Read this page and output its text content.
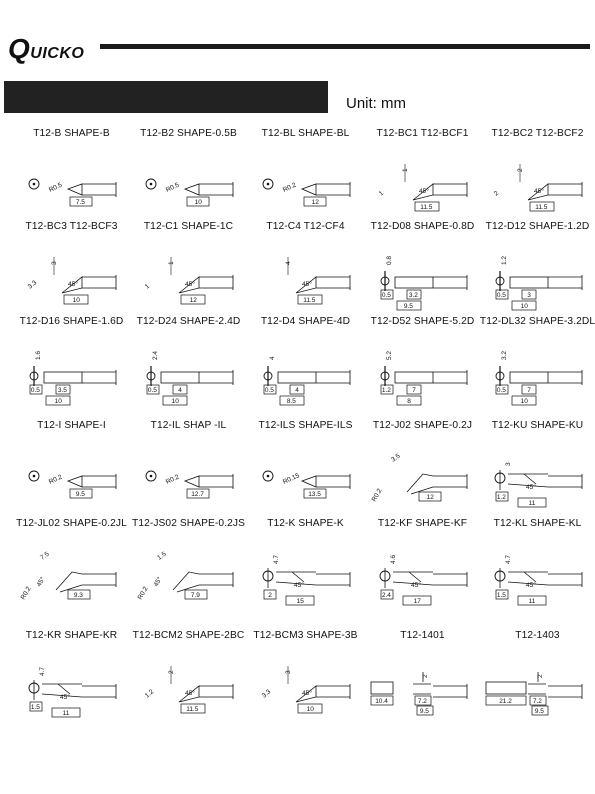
QUICKO
Unit: mm
T12-B SHAPE-B
R0.5
7.5
T12-B2 SHAPE-0.5B
R0.5
10
T12-BL SHAPE-BL
R0.2
12
T12-BC1 T12-BCF1
1
1	45°
11.5
T12-BC2 T12-BCF2
2
2	45°
11.5
T12-BC3 T12-BCF3
3
3.3	45°
10
T12-C1 SHAPE-1C
1
1	45°
12
T12-C4 T12-CF4
4
45°
11.5
T12-D08 SHAPE-0.8D
0.8
0.5	3.2
9.5
T12-D12 SHAPE-1.2D
1.2
0.5	3
10
T12-D16 SHAPE-1.6D
1.6
0.5	3.5
10
T12-D24 SHAPE-2.4D
2.4
0.5	4
10
T12-D4 SHAPE-4D
4
0.5	4
8.5
T12-D52 SHAPE-5.2D
5.2
1.2	7
8
T12-DL32 SHAPE-3.2DL
3.2
0.5	7
10
T12-I SHAPE-I
R0.2
9.5
T12-IL SHAP -IL
R0.2
12.7
T12-ILS SHAPE-ILS
R0.15
13.5
T12-J02 SHAPE-0.2J
3.5
R0.2	12
T12-KU SHAPE-KU
3
1.2
45°
11
T12-JL02 SHAPE-0.2JL
7.5
R0.2	9.3
45°
T12-JS02 SHAPE-0.2JS
1.5
R0.2	7.9
45°
T12-K SHAPE-K
4.7
2
45°
15
T12-KF SHAPE-KF
4.6
2.4
45°
17
T12-KL SHAPE-KL
4.7
1.5
45°
11
T12-KR SHAPE-KR
4.7
1.5
45°
11
T12-BCM2 SHAPE-2BC
2
1.2	45°
11.5
T12-BCM3 SHAPE-3B
3
3.3	45°
10
T12-1401
2
10.4	7.2
9.5
T12-1403
2
21.2	7.2
9.5
